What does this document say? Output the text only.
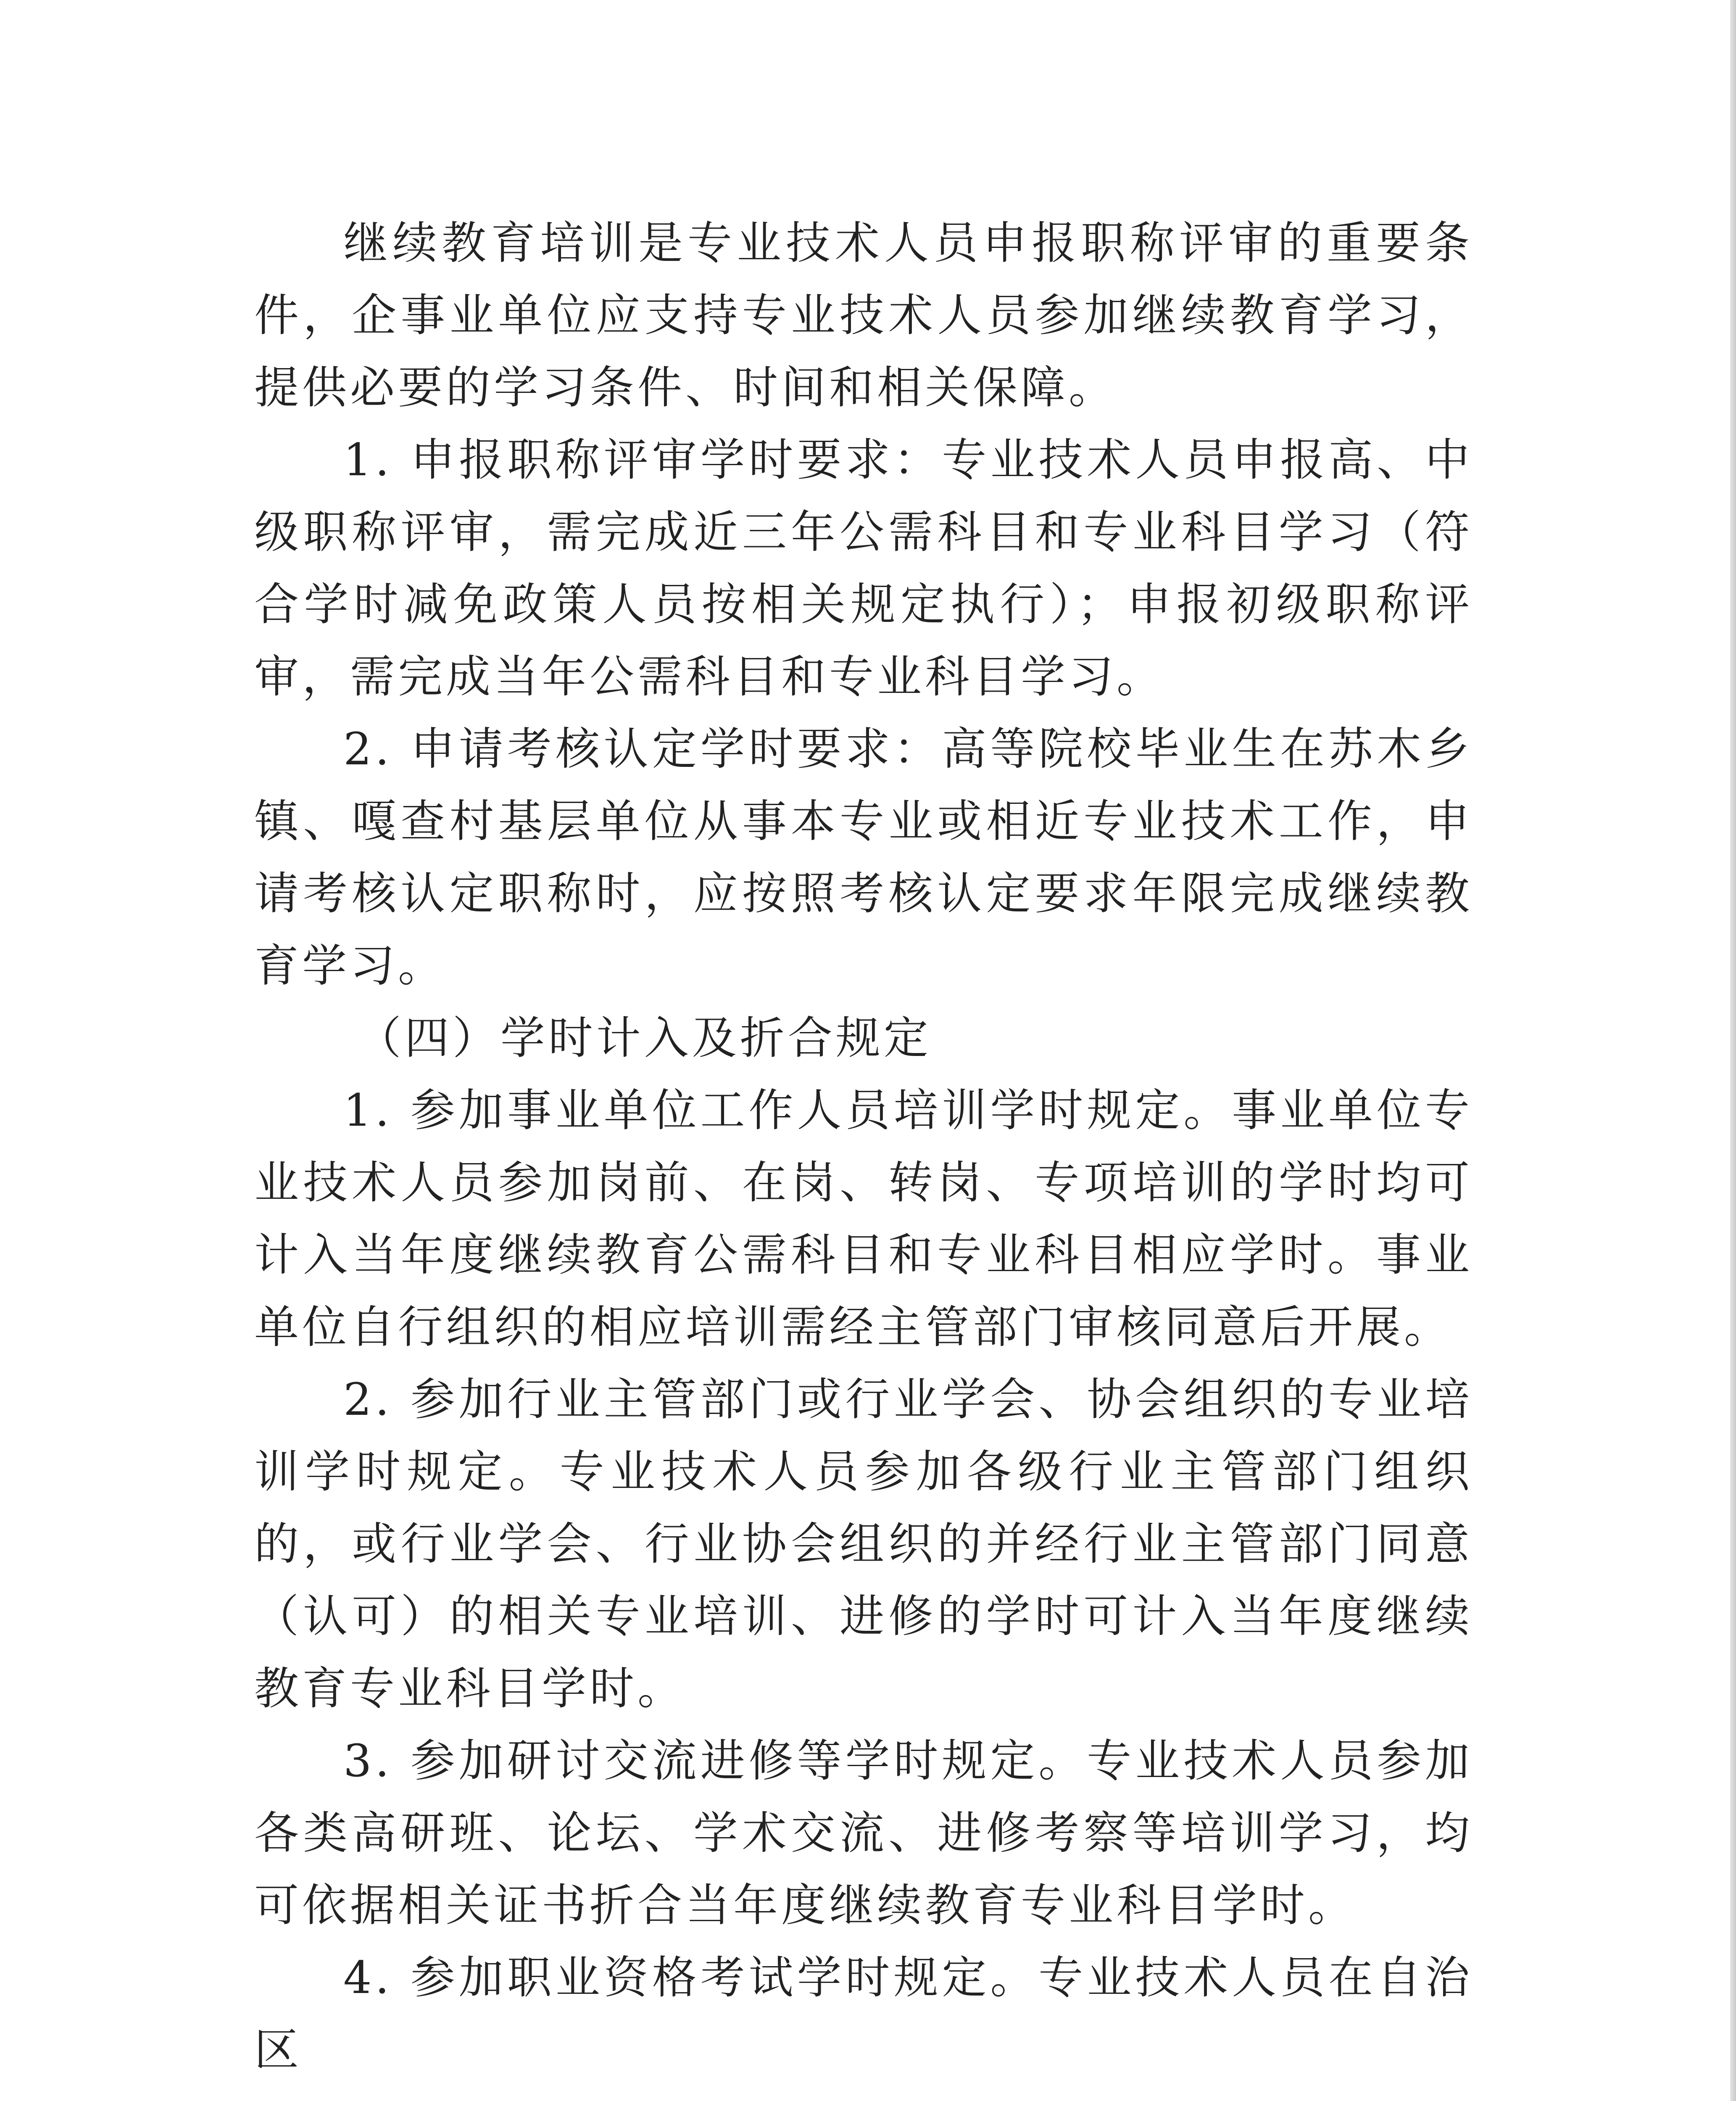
继续教育培训是专业技术人员申报职称评审的重要条件，企事业单位应支持专业技术人员参加继续教育学习，提供必要的学习条件、时间和相关保障。

1. 申报职称评审学时要求：专业技术人员申报高、中级职称评审，需完成近三年公需科目和专业科目学习（符合学时减免政策人员按相关规定执行）；申报初级职称评审，需完成当年公需科目和专业科目学习。

2. 申请考核认定学时要求：高等院校毕业生在苏木乡镇、嘎查村基层单位从事本专业或相近专业技术工作，申请考核认定职称时，应按照考核认定要求年限完成继续教育学习。

（四）学时计入及折合规定

1. 参加事业单位工作人员培训学时规定。事业单位专业技术人员参加岗前、在岗、转岗、专项培训的学时均可计入当年度继续教育公需科目和专业科目相应学时。事业单位自行组织的相应培训需经主管部门审核同意后开展。

2. 参加行业主管部门或行业学会、协会组织的专业培训学时规定。专业技术人员参加各级行业主管部门组织的，或行业学会、行业协会组织的并经行业主管部门同意（认可）的相关专业培训、进修的学时可计入当年度继续教育专业科目学时。

3. 参加研讨交流进修等学时规定。专业技术人员参加各类高研班、论坛、学术交流、进修考察等培训学习，均可依据相关证书折合当年度继续教育专业科目学时。

4. 参加职业资格考试学时规定。专业技术人员在自治区
